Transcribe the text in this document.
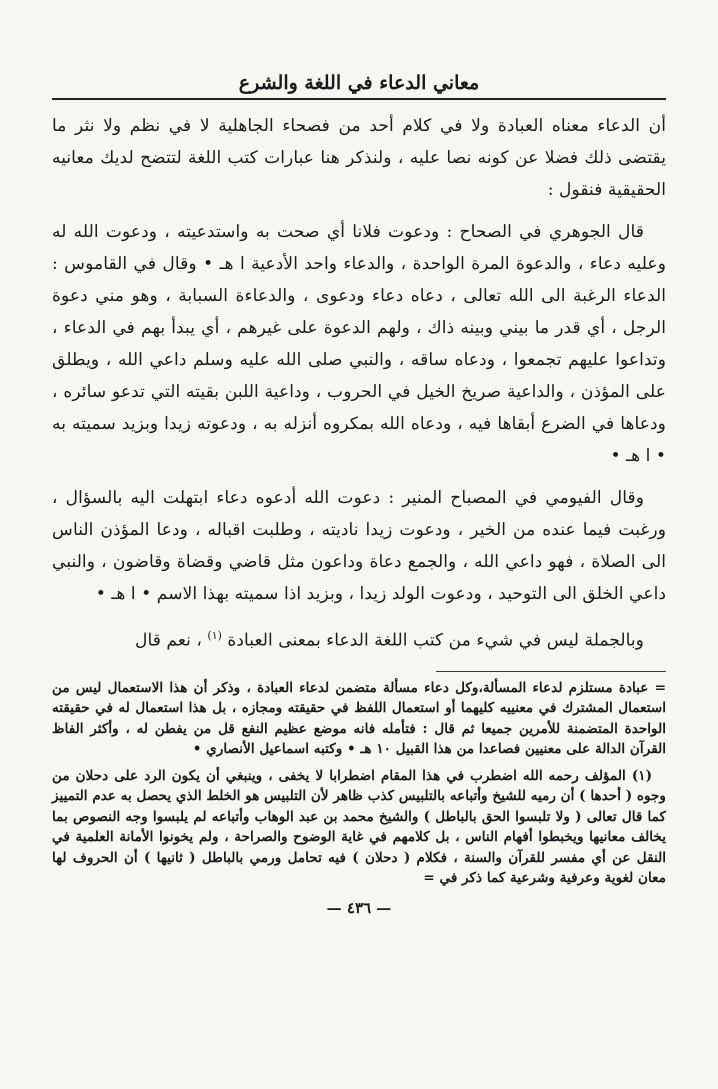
معاني الدعاء في اللغة والشرع

أن الدعاء معناه العبادة ولا في كلام أحد من فصحاء الجاهلية لا في نظم ولا نثر ما يقتضى ذلك فضلا عن كونه نصا عليه ، ولنذكر هنا عبارات كتب اللغة لتتضح لديك معانيه الحقيقية فنقول :

قال الجوهري في الصحاح : ودعوت فلانا أي صحت به واستدعيته ، ودعوت الله له وعليه دعاء ، والدعوة المرة الواحدة ، والدعاء واحد الأدعية ا هـ • وقال في القاموس : الدعاء الرغبة الى الله تعالى ، دعاه دعاء ودعوى ، والدعاءة السبابة ، وهو مني دعوة الرجل ، أي قدر ما بيني وبينه ذاك ، ولهم الدعوة على غيرهم ، أي يبدأ بهم في الدعاء ، وتداعوا عليهم تجمعوا ، ودعاه ساقه ، والنبي صلى الله عليه وسلم داعي الله ، ويطلق على المؤذن ، والداعية صريخ الخيل في الحروب ، وداعية اللبن بقيته التي تدعو سائره ، ودعاها في الضرع أبقاها فيه ، ودعاه الله بمكروه أنزله به ، ودعوته زيدا وبزيد سميته به • ا هـ •

وقال الفيومي في المصباح المنير : دعوت الله أدعوه دعاء ابتهلت اليه بالسؤال ، ورغبت فيما عنده من الخير ، ودعوت زيدا ناديته ، وطلبت اقباله ، ودعا المؤذن الناس الى الصلاة ، فهو داعي الله ، والجمع دعاة وداعون مثل قاضي وقضاة وقاضون ، والنبي داعي الخلق الى التوحيد ، ودعوت الولد زيدا ، وبزيد اذا سميته بهذا الاسم • ا هـ •

وبالجملة ليس في شيء من كتب اللغة الدعاء بمعنى العبادة $^{(١)}$ ، نعم قال

= عبادة مستلزم لدعاء المسألة،وكل دعاء مسألة متضمن لدعاء العبادة ، وذكر أن هذا الاستعمال ليس من استعمال المشترك في معنييه كليهما أو استعمال اللفظ في حقيقته ومجازه ، بل هذا استعمال له في حقيقته الواحدة المتضمنة للأمرين جميعا ثم قال : فتأمله فانه موضع عظيم النفع قل من يفطن له ، وأكثر الفاظ القرآن الدالة على معنيين فصاعدا من هذا القبيل ١٠ هـ • وكتبه اسماعيل الأنصاري •

(١) المؤلف رحمه الله اضطرب في هذا المقام اضطرابا لا يخفى ، وينبغي أن يكون الرد على دحلان من وجوه ( أحدها ) أن رميه للشيخ وأتباعه بالتلبيس كذب ظاهر لأن التلبيس هو الخلط الذي يحصل به عدم التمييز كما قال تعالى ( ولا تلبسوا الحق بالباطل ) والشيخ محمد بن عبد الوهاب وأتباعه لم يلبسوا وجه النصوص بما يخالف معانيها ويخبطوا أفهام الناس ، بل كلامهم في غاية الوضوح والصراحة ، ولم يخونوا الأمانة العلمية في النقل عن أي مفسر للقرآن والسنة ، فكلام ( دحلان ) فيه تحامل ورمي بالباطل ( ثانيها ) أن الحروف لها معان لغوية وعرفية وشرعية كما ذكر في =

— ٤٣٦ —
